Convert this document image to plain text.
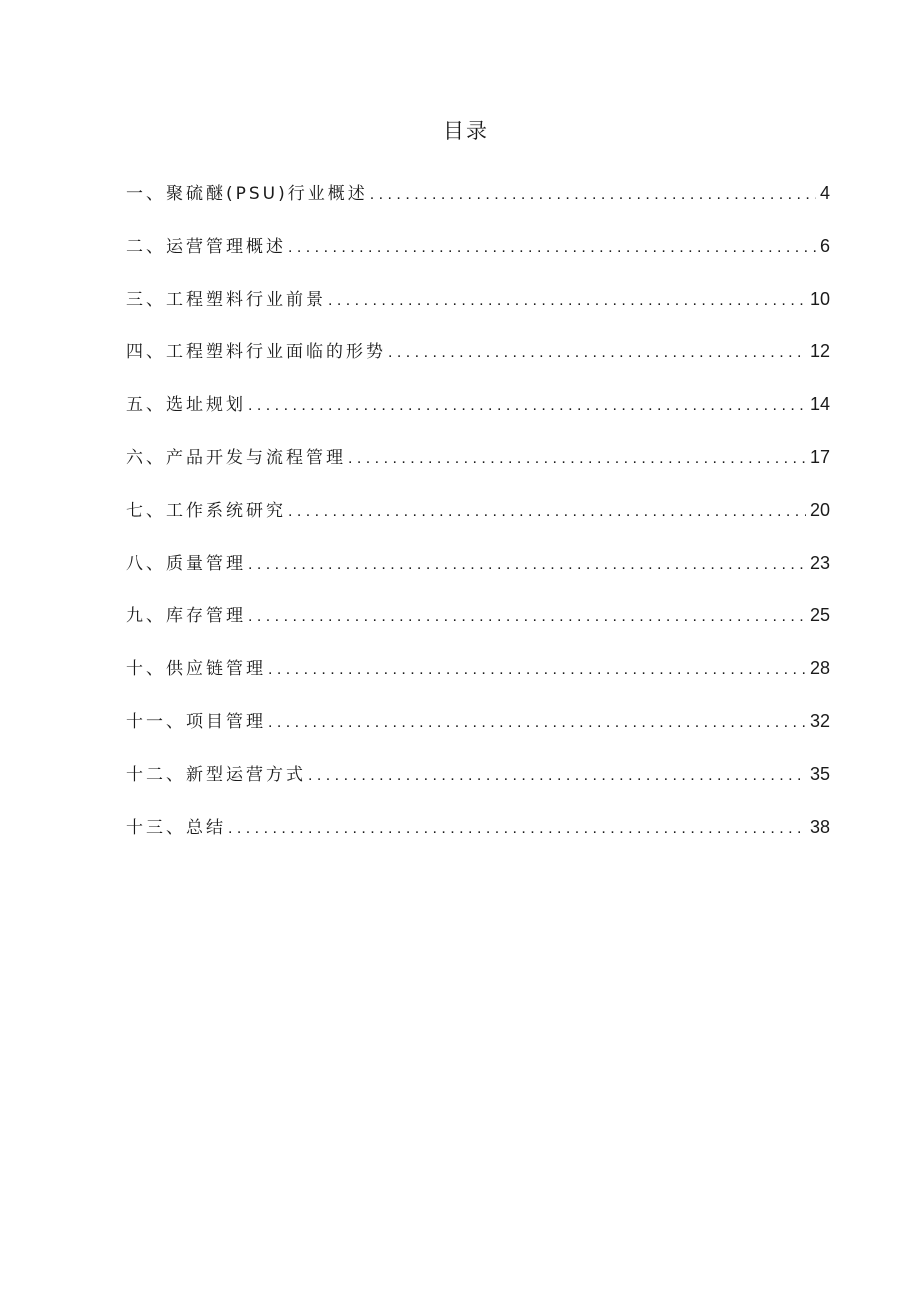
目录
一、聚硫醚(PSU)行业概述 . . .	4
二、运营管理概述 . . .	6
三、工程塑料行业前景 . . .	10
四、工程塑料行业面临的形势 . . .	12
五、选址规划 . . .	14
六、产品开发与流程管理 . . .	17
七、工作系统研究 . . .	20
八、质量管理 . . .	23
九、库存管理 . . .	25
十、供应链管理 . . .	28
十一、项目管理 . . .	32
十二、新型运营方式 . . .	35
十三、总结 . . .	38
